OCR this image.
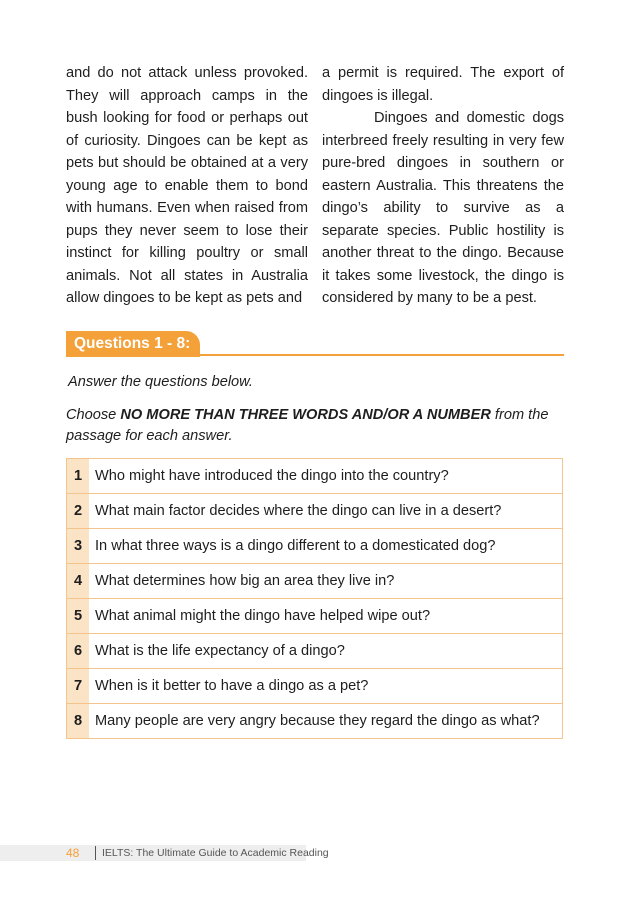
and do not attack unless provoked. They will approach camps in the bush looking for food or perhaps out of curiosity. Dingoes can be kept as pets but should be obtained at a very young age to enable them to bond with humans. Even when raised from pups they never seem to lose their instinct for killing poultry or small animals. Not all states in Australia allow dingoes to be kept as pets and

a permit is required. The export of dingoes is illegal.

Dingoes and domestic dogs interbreed freely resulting in very few pure-bred dingoes in southern or eastern Australia. This threatens the dingo’s ability to survive as a separate species. Public hostility is another threat to the dingo. Because it takes some livestock, the dingo is considered by many to be a pest.

Questions 1 - 8:

Answer the questions below.

Choose NO MORE THAN THREE WORDS AND/OR A NUMBER from the passage for each answer.

1	Who might have introduced the dingo into the country?
2	What main factor decides where the dingo can live in a desert?
3	In what three ways is a dingo different to a domesticated dog?
4	What determines how big an area they live in?
5	What animal might the dingo have helped wipe out?
6	What is the life expectancy of a dingo?
7	When is it better to have a dingo as a pet?
8	Many people are very angry because they regard the dingo as what?
48 IELTS: The Ultimate Guide to Academic Reading
